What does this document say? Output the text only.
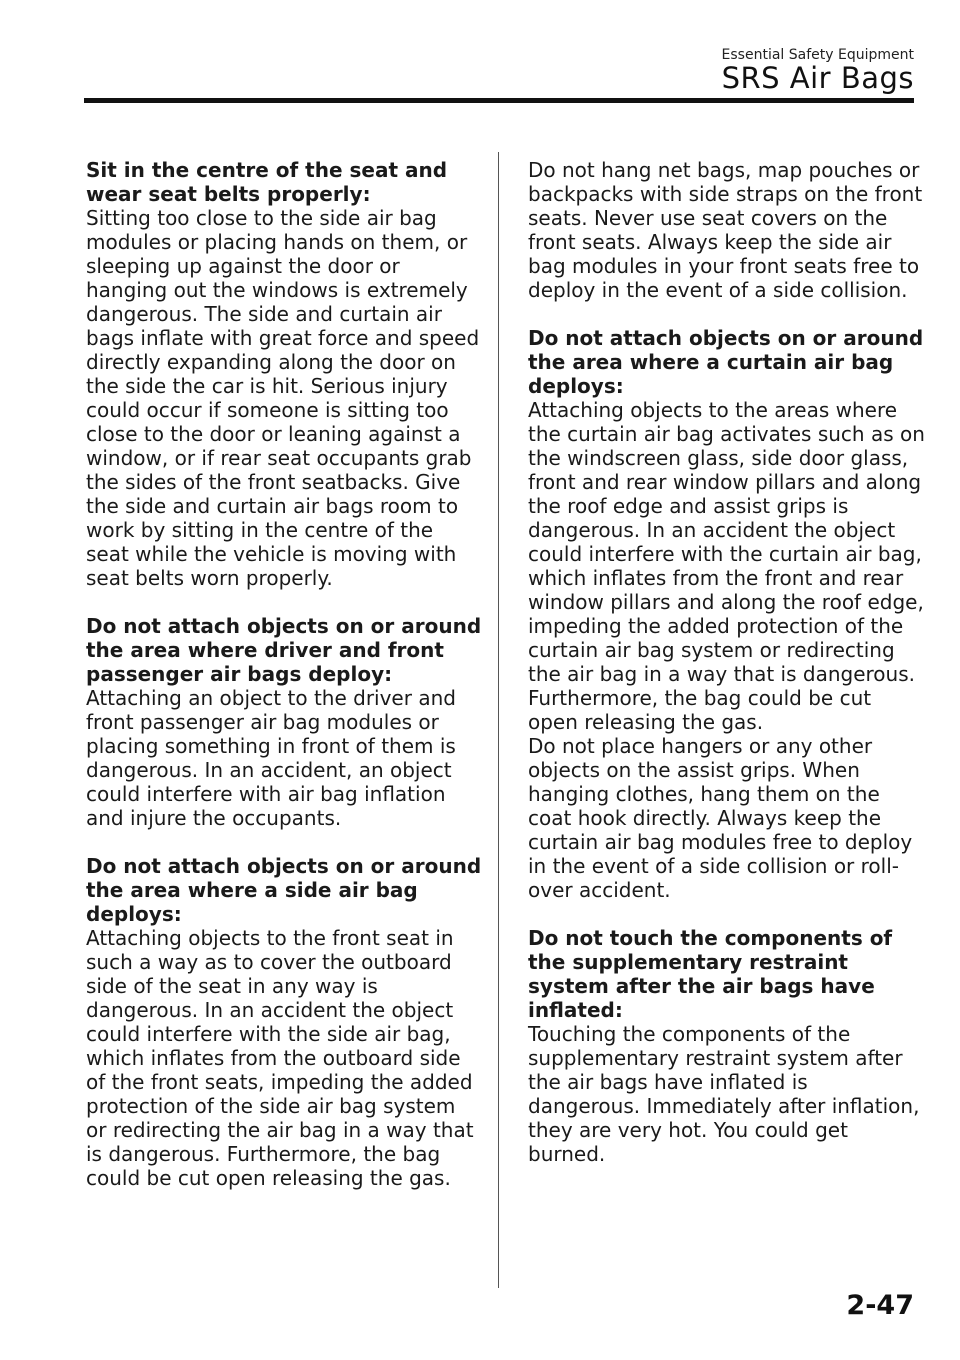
Essential Safety Equipment
SRS Air Bags
Sit in the centre of the seat and wear seat belts properly:
Sitting too close to the side air bag modules or placing hands on them, or sleeping up against the door or hanging out the windows is extremely dangerous. The side and curtain air bags inflate with great force and speed directly expanding along the door on the side the car is hit. Serious injury could occur if someone is sitting too close to the door or leaning against a window, or if rear seat occupants grab the sides of the front seatbacks. Give the side and curtain air bags room to work by sitting in the centre of the seat while the vehicle is moving with seat belts worn properly.
Do not attach objects on or around the area where driver and front passenger air bags deploy:
Attaching an object to the driver and front passenger air bag modules or placing something in front of them is dangerous. In an accident, an object could interfere with air bag inflation and injure the occupants.
Do not attach objects on or around the area where a side air bag deploys:
Attaching objects to the front seat in such a way as to cover the outboard side of the seat in any way is dangerous. In an accident the object could interfere with the side air bag, which inflates from the outboard side of the front seats, impeding the added protection of the side air bag system or redirecting the air bag in a way that is dangerous. Furthermore, the bag could be cut open releasing the gas.
Do not hang net bags, map pouches or backpacks with side straps on the front seats. Never use seat covers on the front seats. Always keep the side air bag modules in your front seats free to deploy in the event of a side collision.
Do not attach objects on or around the area where a curtain air bag deploys:
Attaching objects to the areas where the curtain air bag activates such as on the windscreen glass, side door glass, front and rear window pillars and along the roof edge and assist grips is dangerous. In an accident the object could interfere with the curtain air bag, which inflates from the front and rear window pillars and along the roof edge, impeding the added protection of the curtain air bag system or redirecting the air bag in a way that is dangerous. Furthermore, the bag could be cut open releasing the gas.
Do not place hangers or any other objects on the assist grips. When hanging clothes, hang them on the coat hook directly. Always keep the curtain air bag modules free to deploy in the event of a side collision or roll-over accident.
Do not touch the components of the supplementary restraint system after the air bags have inflated:
Touching the components of the supplementary restraint system after the air bags have inflated is dangerous. Immediately after inflation, they are very hot. You could get burned.
2-47
